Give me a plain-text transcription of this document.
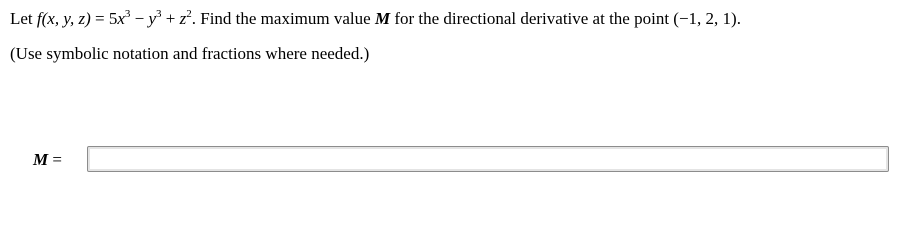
Let f(x, y, $z) = 5x^3 - y^3 + z^2$. Find the maximum value M for the directional derivative at the point (−1, 2, 1).
(Use symbolic notation and fractions where needed.)
M =
